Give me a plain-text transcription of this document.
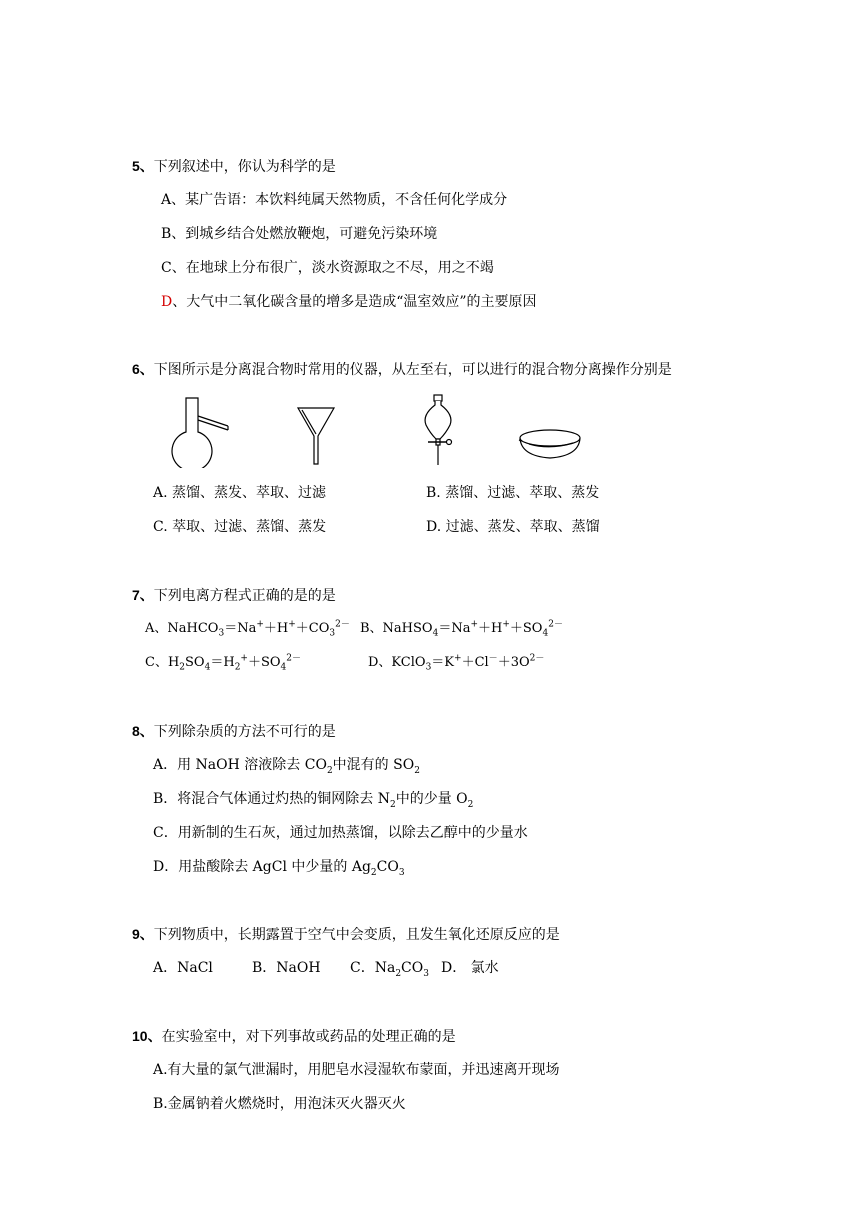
5、下列叙述中，你认为科学的是
A、某广告语：本饮料纯属天然物质，不含任何化学成分
B、到城乡结合处燃放鞭炮，可避免污染环境
C、在地球上分布很广，淡水资源取之不尽，用之不竭
D、大气中二氧化碳含量的增多是造成“温室效应”的主要原因
6、下图所示是分离混合物时常用的仪器，从左至右，可以进行的混合物分离操作分别是
A. 蒸馏、蒸发、萃取、过滤	B. 蒸馏、过滤、萃取、蒸发
C. 萃取、过滤、蒸馏、蒸发	D. 过滤、蒸发、萃取、蒸馏
7、下列电离方程式正确的是的是
A、$NaHCO_3=Na^++H^++CO_3^{2-}$ B、$NaHSO_4=Na^++H^++SO_4^{2-}$
C、$H_2SO_4=H_2^++SO_4^{2-}$	D、$KClO_3=K^++Cl^-+3O^{2-}$
8、下列除杂质的方法不可行的是
A．用 NaOH 溶液除去 $CO_2$中混有的 $SO_2$
B．将混合气体通过灼热的铜网除去 $N_2$中的少量 $O_2$
C．用新制的生石灰，通过加热蒸馏，以除去乙醇中的少量水
D．用盐酸除去 AgCl 中少量的 $Ag_2CO_3$
9、下列物质中，长期露置于空气中会变质，且发生氧化还原反应的是
A．NaCl	B．NaOH C．$Na_2CO_3$ D． 氯水
10、在实验室中，对下列事故或药品的处理正确的是
A.有大量的氯气泄漏时，用肥皂水浸湿软布蒙面，并迅速离开现场
B.金属钠着火燃烧时，用泡沫灭火器灭火
